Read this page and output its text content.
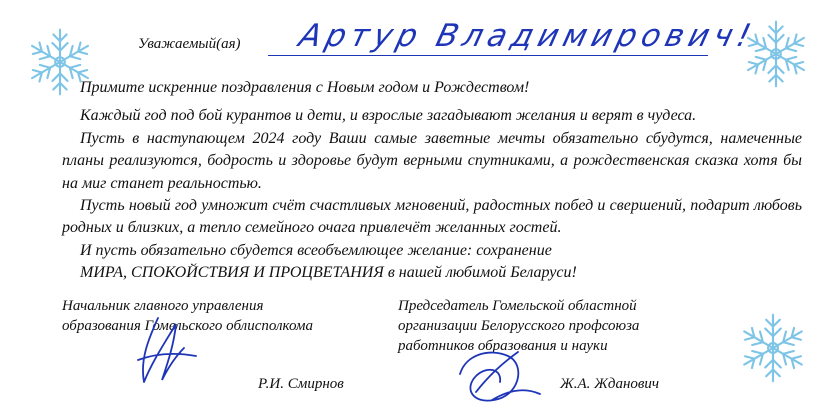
Уважаемый(ая) Артур Владимирович!

Примите искренние поздравления с Новым годом и Рождеством!

Каждый год под бой курантов и дети, и взрослые загадывают желания и верят в чудеса.

Пусть в наступающем 2024 году Ваши самые заветные мечты обязательно сбудутся, намеченные планы реализуются, бодрость и здоровье будут верными спутниками, а рождественская сказка хотя бы на миг станет реальностью.

Пусть новый год умножит счёт счастливых мгновений, радостных побед и свершений, подарит любовь родных и близких, а тепло семейного очага привлечёт желанных гостей.

И пусть обязательно сбудется всеобъемлющее желание: сохранение

МИРА, СПОКОЙСТВИЯ И ПРОЦВЕТАНИЯ в нашей любимой Беларуси!

Начальник главного управления
образования Гомельского облисполкома
Р.И. Смирнов
Председатель Гомельской областной
организации Белорусского профсоюза
работников образования и науки
Ж.А. Жданович
